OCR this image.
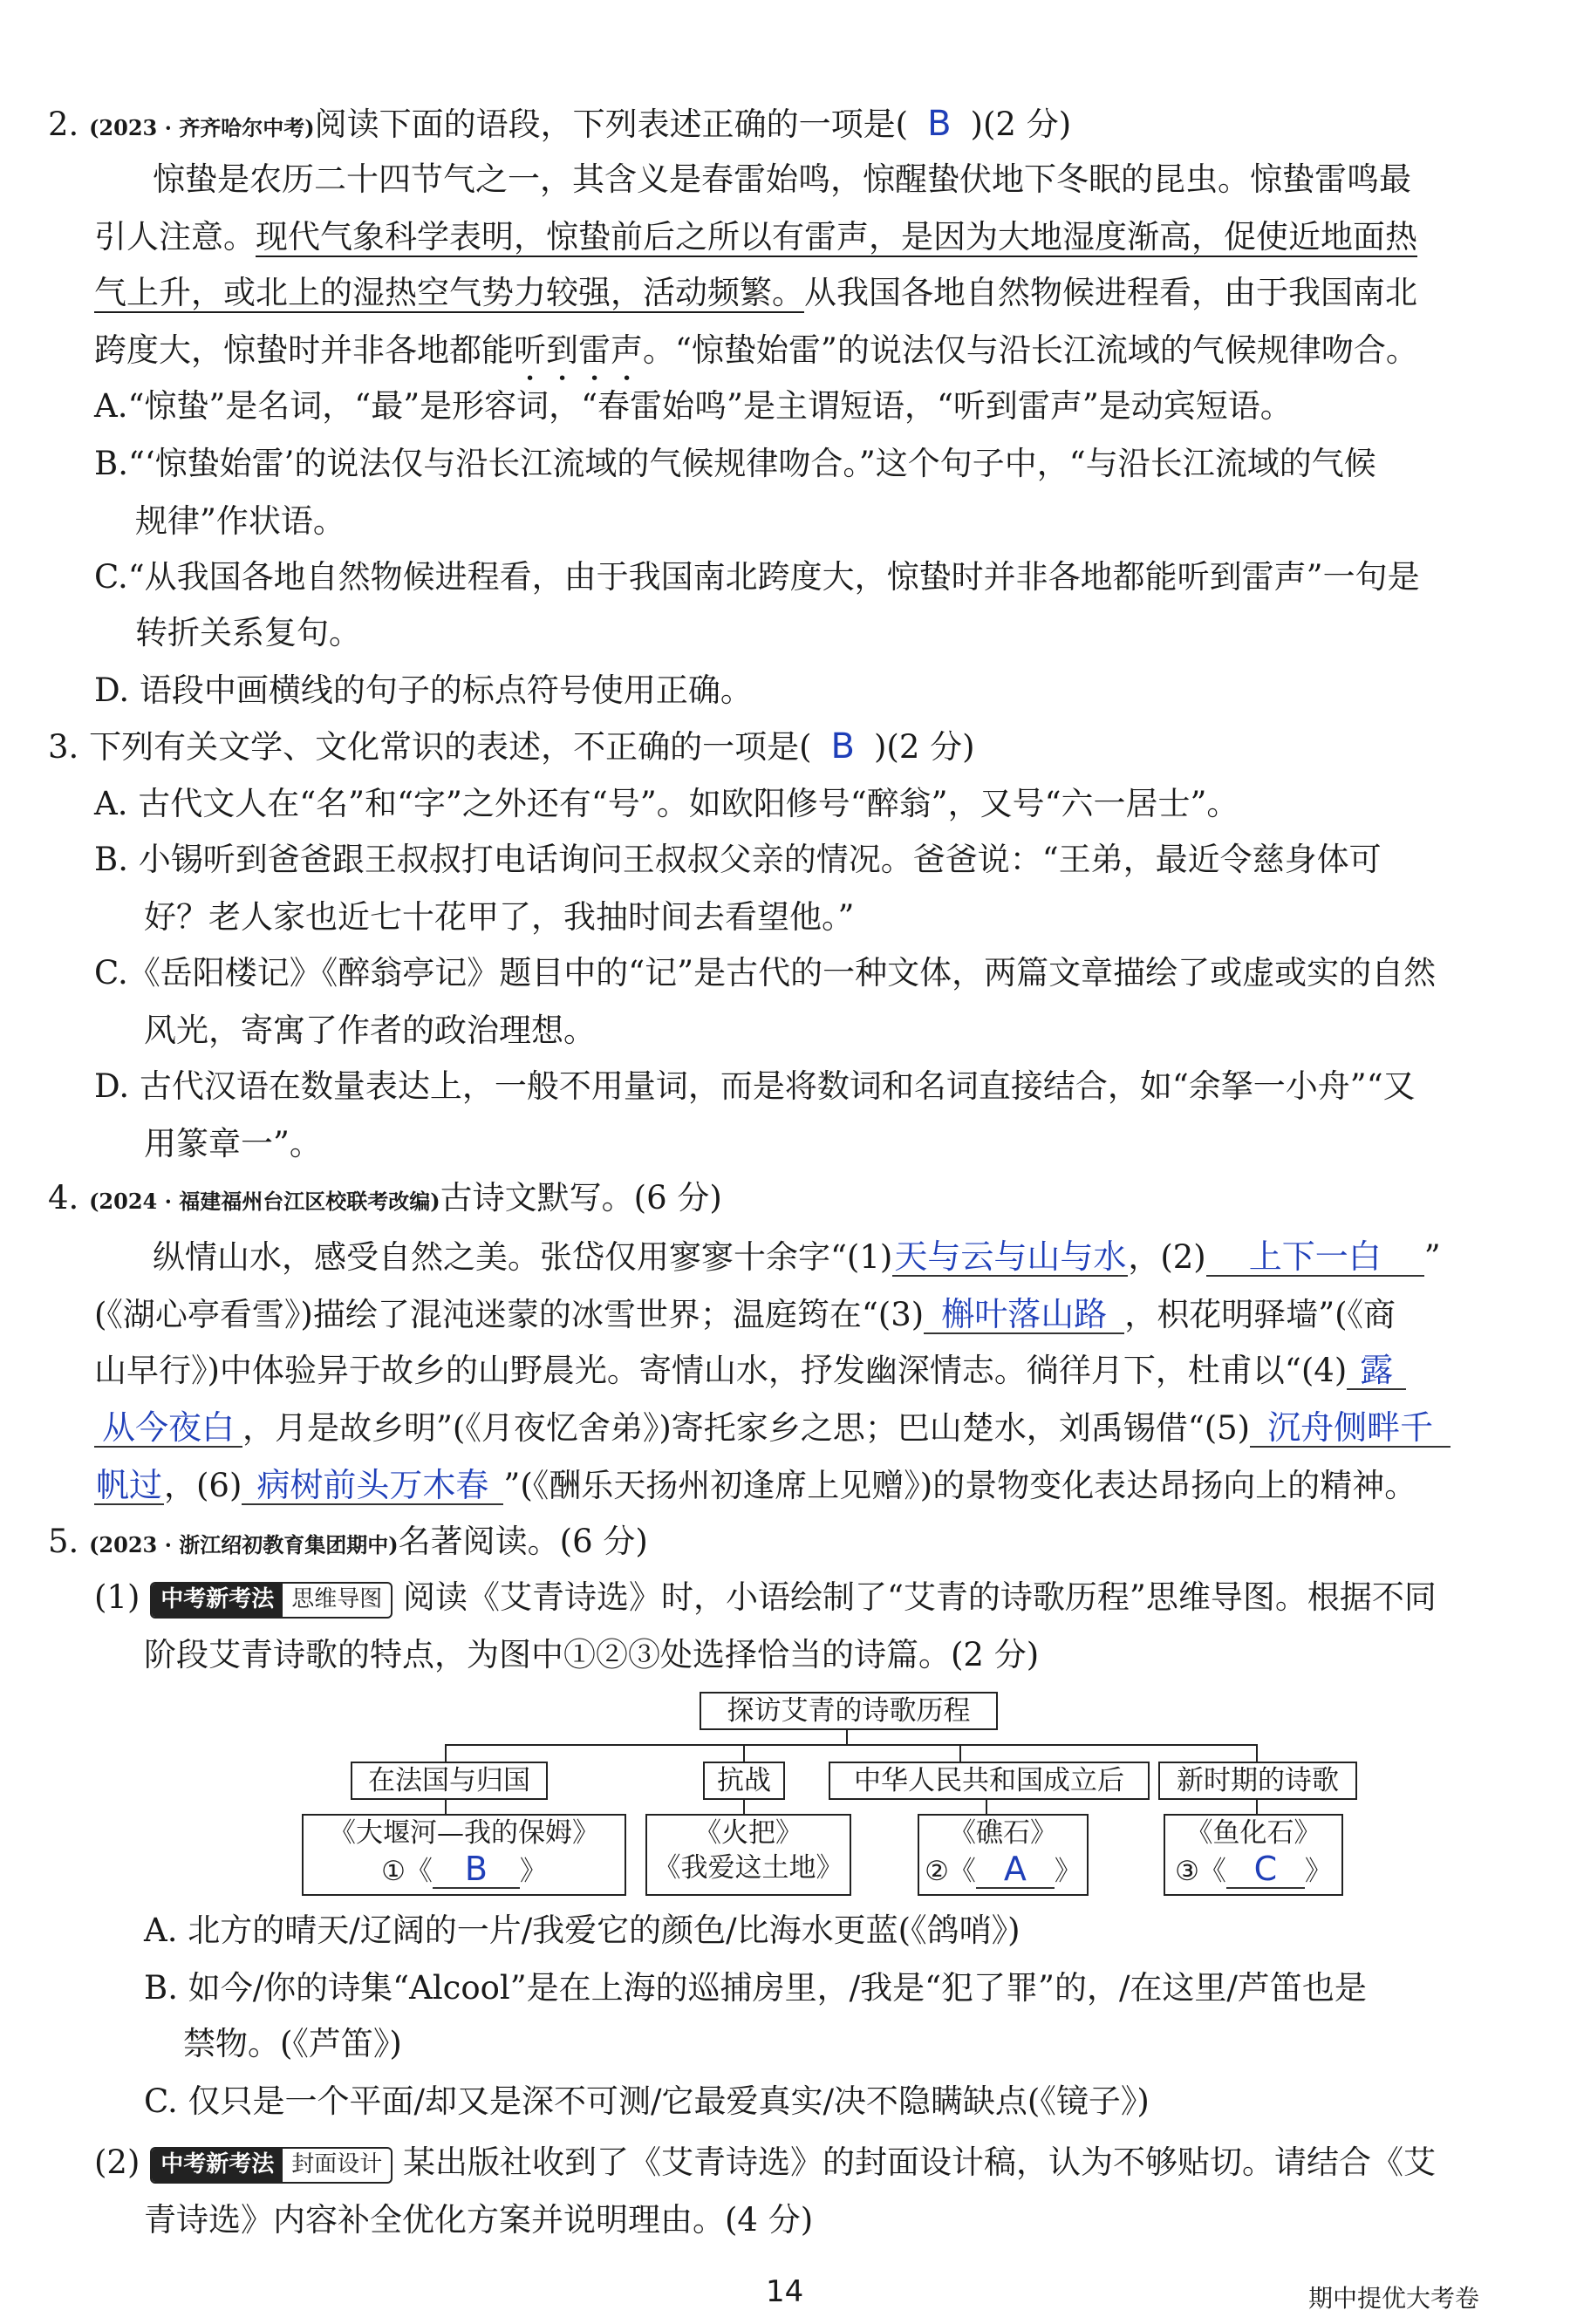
2. (2023 · 齐齐哈尔中考)阅读下面的语段，下列表述正确的一项是( B )(2 分)
惊蛰是农历二十四节气之一，其含义是春雷始鸣，惊醒蛰伏地下冬眠的昆虫。惊蛰雷鸣最
引人注意。现代气象科学表明，惊蛰前后之所以有雷声，是因为大地湿度渐高，促使近地面热
气上升，或北上的湿热空气势力较强，活动频繁。从我国各地自然物候进程看，由于我国南北
跨度大，惊蛰时并非各地都能听到雷声。“惊蛰始雷”的说法仅与沿长江流域的气候规律吻合。
A.“惊蛰”是名词，“最”是形容词，“春雷始鸣”是主谓短语，“听到雷声”是动宾短语。
B.“‘惊蛰始雷’的说法仅与沿长江流域的气候规律吻合。”这个句子中，“与沿长江流域的气候
规律”作状语。
C.“从我国各地自然物候进程看，由于我国南北跨度大，惊蛰时并非各地都能听到雷声”一句是
转折关系复句。
D. 语段中画横线的句子的标点符号使用正确。
3. 下列有关文学、文化常识的表述，不正确的一项是( B )(2 分)
A. 古代文人在“名”和“字”之外还有“号”。如欧阳修号“醉翁”，又号“六一居士”。
B. 小锡听到爸爸跟王叔叔打电话询问王叔叔父亲的情况。爸爸说：“王弟，最近令慈身体可
好？老人家也近七十花甲了，我抽时间去看望他。”
C.《岳阳楼记》《醉翁亭记》题目中的“记”是古代的一种文体，两篇文章描绘了或虚或实的自然
风光，寄寓了作者的政治理想。
D. 古代汉语在数量表达上，一般不用量词，而是将数词和名词直接结合，如“余拏一小舟”“又
用篆章一”。
4. (2024 · 福建福州台江区校联考改编)古诗文默写。(6 分)
纵情山水，感受自然之美。张岱仅用寥寥十余字“(1)天与云与山与水，(2) 上下一白 ”
(《湖心亭看雪》)描绘了混沌迷蒙的冰雪世界；温庭筠在“(3) 槲叶落山路 ，枳花明驿墙”(《商
山早行》)中体验异于故乡的山野晨光。寄情山水，抒发幽深情志。徜徉月下，杜甫以“(4) 露
从今夜白 ，月是故乡明”(《月夜忆舍弟》)寄托家乡之思；巴山楚水，刘禹锡借“(5) 沉舟侧畔千
帆过，(6) 病树前头万木春 ”(《酬乐天扬州初逢席上见赠》)的景物变化表达昂扬向上的精神。
5. (2023 · 浙江绍初教育集团期中)名著阅读。(6 分)
(1) 中考新考法 思维导图 阅读《艾青诗选》时，小语绘制了“艾青的诗歌历程”思维导图。根据不同
阶段艾青诗歌的特点，为图中①②③处选择恰当的诗篇。(2 分)
探访艾青的诗歌历程
在法国与归国	抗战	中华人民共和国成立后	新时期的诗歌
《大堰河—我的保姆》
①《 B 》
《火把》
《我爱这土地》
《礁石》
②《 A 》
《鱼化石》
③《 C 》
A. 北方的晴天/辽阔的一片/我爱它的颜色/比海水更蓝(《鸽哨》)
B. 如今/你的诗集“Alcool”是在上海的巡捕房里，/我是“犯了罪”的，/在这里/芦笛也是
禁物。(《芦笛》)
C. 仅只是一个平面/却又是深不可测/它最爱真实/决不隐瞒缺点(《镜子》)
(2) 中考新考法 封面设计 某出版社收到了《艾青诗选》的封面设计稿，认为不够贴切。请结合《艾
青诗选》内容补全优化方案并说明理由。(4 分)
14	期中提优大考卷
